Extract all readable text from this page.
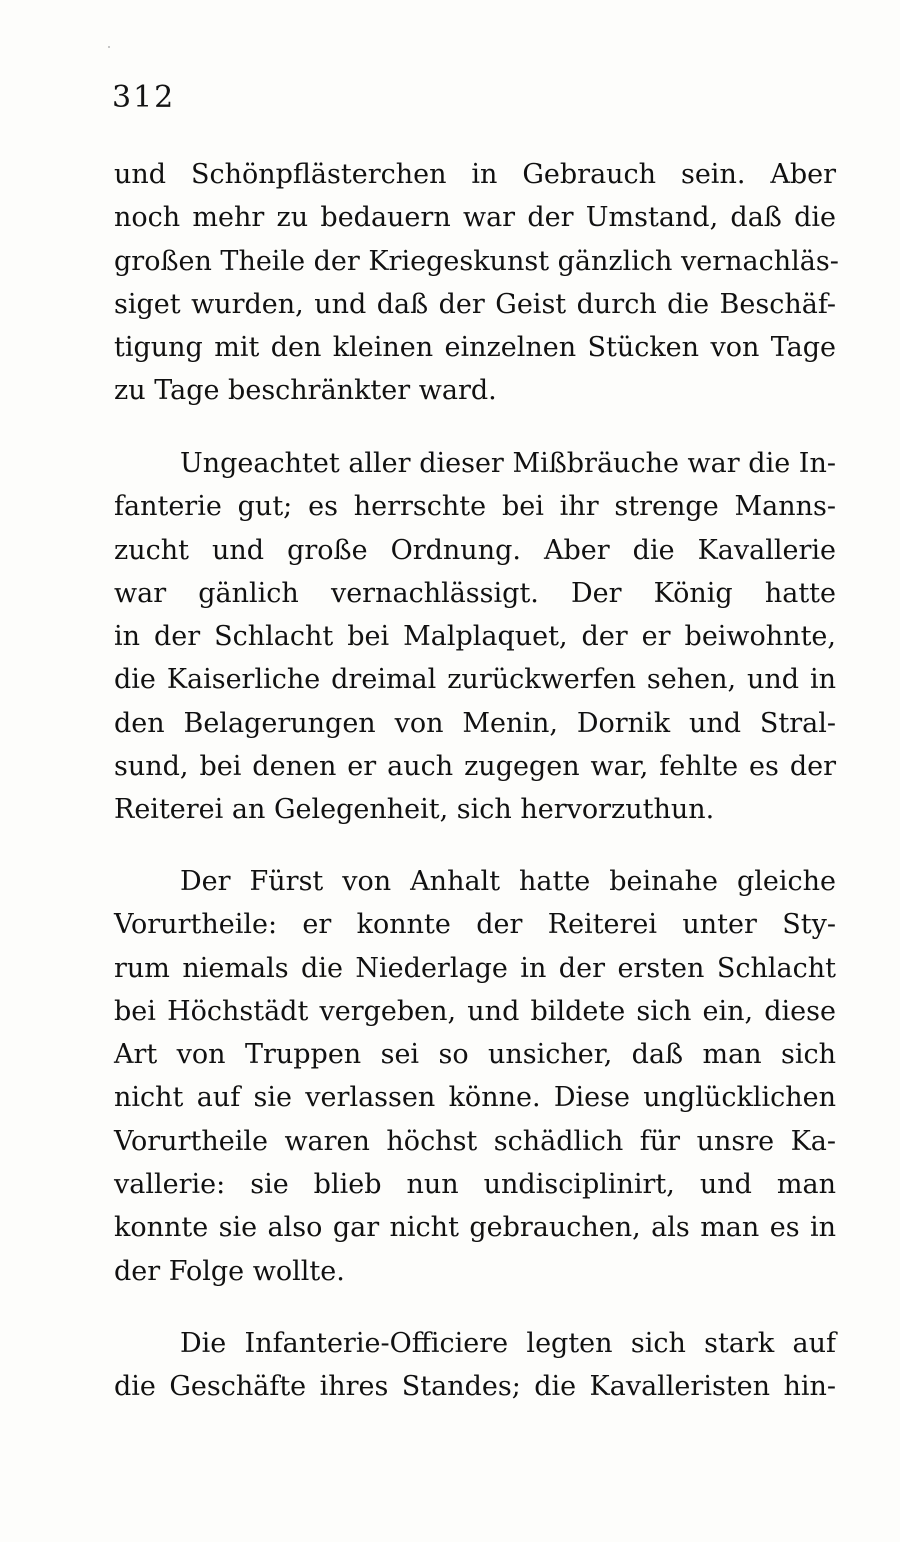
312
und Schönpflästerchen in Gebrauch sein. Aber
noch mehr zu bedauern war der Umstand, daß die
großen Theile der Kriegeskunst gänzlich vernachläs-
siget wurden, und daß der Geist durch die Beschäf-
tigung mit den kleinen einzelnen Stücken von Tage
zu Tage beschränkter ward.
Ungeachtet aller dieser Mißbräuche war die In-
fanterie gut; es herrschte bei ihr strenge Manns-
zucht und große Ordnung. Aber die Kavallerie
war gänlich vernachlässigt. Der König hatte
in der Schlacht bei Malplaquet, der er beiwohnte,
die Kaiserliche dreimal zurückwerfen sehen, und in
den Belagerungen von Menin, Dornik und Stral-
sund, bei denen er auch zugegen war, fehlte es der
Reiterei an Gelegenheit, sich hervorzuthun.
Der Fürst von Anhalt hatte beinahe gleiche
Vorurtheile: er konnte der Reiterei unter Sty-
rum niemals die Niederlage in der ersten Schlacht
bei Höchstädt vergeben, und bildete sich ein, diese
Art von Truppen sei so unsicher, daß man sich
nicht auf sie verlassen könne. Diese unglücklichen
Vorurtheile waren höchst schädlich für unsre Ka-
vallerie: sie blieb nun undisciplinirt, und man
konnte sie also gar nicht gebrauchen, als man es in
der Folge wollte.
Die Infanterie-Officiere legten sich stark auf
die Geschäfte ihres Standes; die Kavalleristen hin-
